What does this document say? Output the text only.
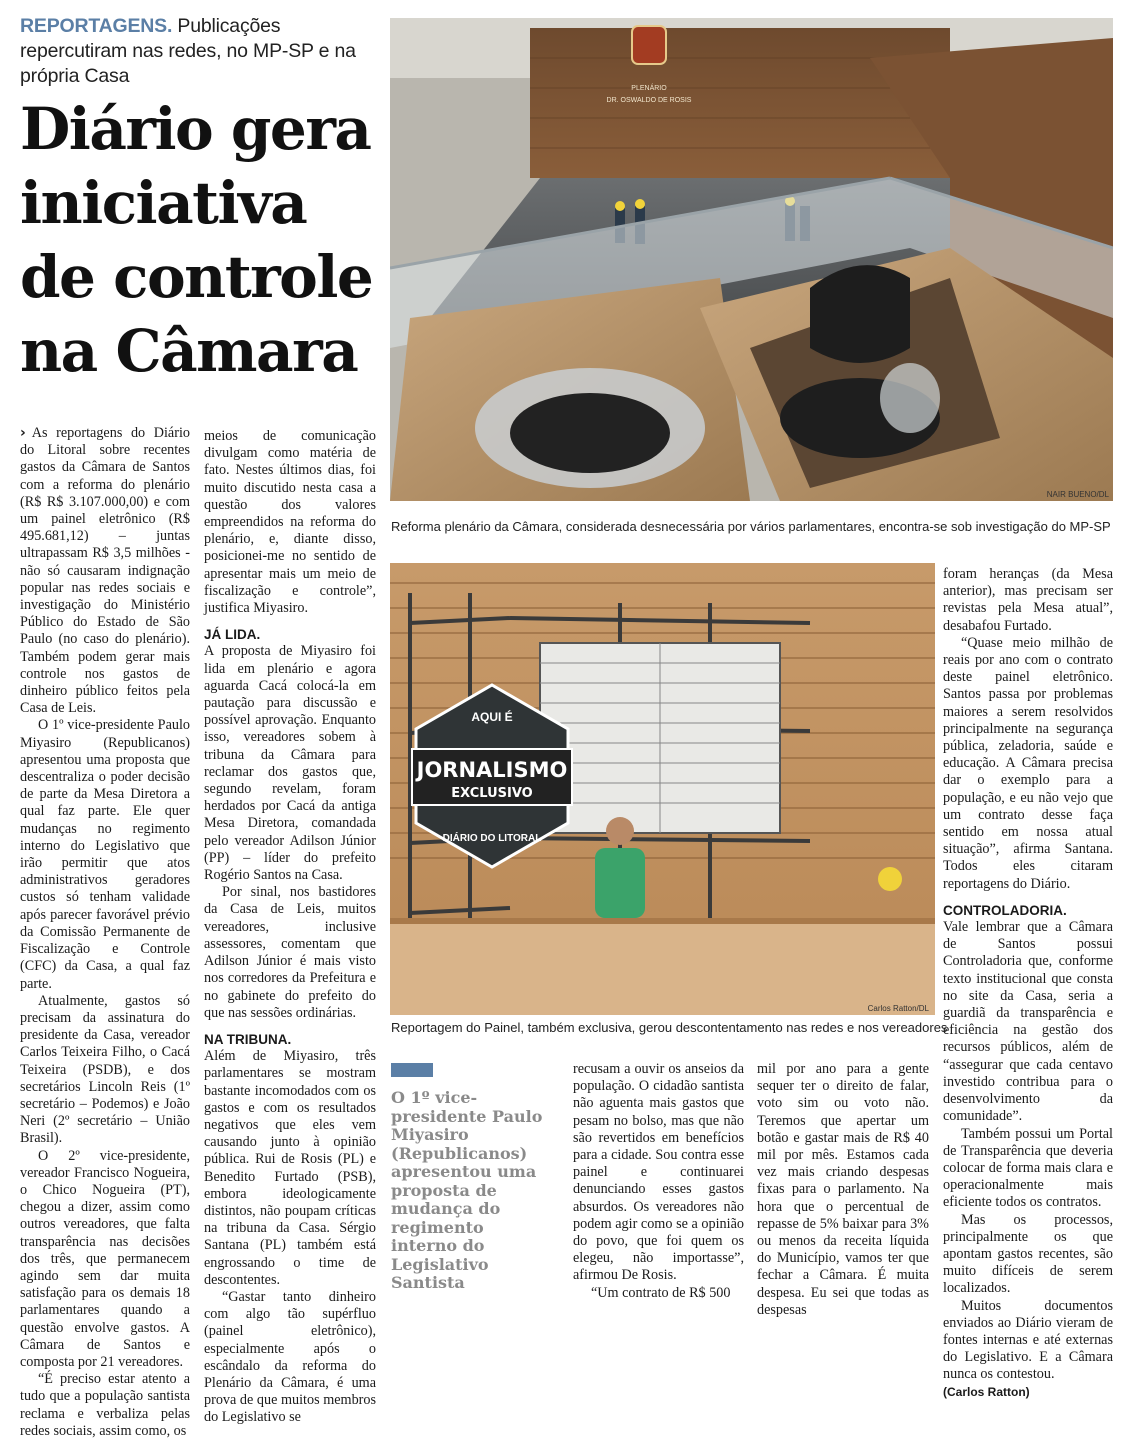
REPORTAGENS. Publicações repercutiram nas redes, no MP-SP e na própria Casa
Diário gera iniciativa de controle na Câmara
PLENÁRIO
DR. OSWALDO DE ROSIS
NAIR BUENO/DL
Reforma plenário da Câmara, considerada desnecessária por vários parlamentares, encontra-se sob investigação do MP-SP
AQUI É
JORNALISMO
EXCLUSIVO
DIÁRIO DO LITORAL
Carlos Ratton/DL
Reportagem do Painel, também exclusiva, gerou descontentamento nas redes e nos vereadores

› As reportagens do Diário do Litoral sobre recentes gastos da Câmara de Santos com a reforma do plenário (R$ R$ 3.107.000,00) e com um painel eletrônico (R$ 495.681,12) – juntas ultrapassam R$ 3,5 milhões - não só causaram indignação popular nas redes sociais e investigação do Ministério Público do Estado de São Paulo (no caso do plenário). Também podem gerar mais controle nos gastos de dinheiro público feitos pela Casa de Leis.

O 1º vice-presidente Paulo Miyasiro (Republicanos) apresentou uma proposta que descentraliza o poder decisão de parte da Mesa Diretora a qual faz parte. Ele quer mudanças no regimento interno do Legislativo que irão permitir que atos administrativos geradores custos só tenham validade após parecer favorável prévio da Comissão Permanente de Fiscalização e Controle (CFC) da Casa, a qual faz parte.

Atualmente, gastos só precisam da assinatura do presidente da Casa, vereador Carlos Teixeira Filho, o Cacá Teixeira (PSDB), e dos secretários Lincoln Reis (1º secretário – Podemos) e João Neri (2º secretário – União Brasil).

O 2º vice-presidente, vereador Francisco Nogueira, o Chico Nogueira (PT), chegou a dizer, assim como outros vereadores, que falta transparência nas decisões dos três, que permanecem agindo sem dar muita satisfação para os demais 18 parlamentares quando a questão envolve gastos. A Câmara de Santos e composta por 21 vereadores.

“É preciso estar atento a tudo que a população santista reclama e verbaliza pelas redes sociais, assim como, os

meios de comunicação divulgam como matéria de fato. Nestes últimos dias, foi muito discutido nesta casa a questão dos valores empreendidos na reforma do plenário, e, diante disso, posicionei-me no sentido de apresentar mais um meio de fiscalização e controle”, justifica Miyasiro.

JÁ LIDA.

A proposta de Miyasiro foi lida em plenário e agora aguarda Cacá colocá-la em pautação para discussão e possível aprovação. Enquanto isso, vereadores sobem à tribuna da Câmara para reclamar dos gastos que, segundo revelam, foram herdados por Cacá da antiga Mesa Diretora, comandada pelo vereador Adilson Júnior (PP) – líder do prefeito Rogério Santos na Casa.

Por sinal, nos bastidores da Casa de Leis, muitos vereadores, inclusive assessores, comentam que Adilson Júnior é mais visto nos corredores da Prefeitura e no gabinete do prefeito do que nas sessões ordinárias.

NA TRIBUNA.

Além de Miyasiro, três parlamentares se mostram bastante incomodados com os gastos e com os resultados negativos que eles vem causando junto à opinião pública. Rui de Rosis (PL) e Benedito Furtado (PSB), embora ideologicamente distintos, não poupam críticas na tribuna da Casa. Sérgio Santana (PL) também está engrossando o time de descontentes.

“Gastar tanto dinheiro com algo tão supérfluo (painel eletrônico), especialmente após o escândalo da reforma do Plenário da Câmara, é uma prova de que muitos membros do Legislativo se

O 1º vice-presidente Paulo Miyasiro (Republicanos) apresentou uma proposta de mudança do regimento interno do Legislativo Santista

recusam a ouvir os anseios da população. O cidadão santista não aguenta mais gastos que pesam no bolso, mas que não são revertidos em benefícios para a cidade. Sou contra esse painel e continuarei denunciando esses gastos absurdos. Os vereadores não podem agir como se a opinião do povo, que foi quem os elegeu, não importasse”, afirmou De Rosis.

“Um contrato de R$ 500

mil por ano para a gente sequer ter o direito de falar, voto sim ou voto não. Teremos que apertar um botão e gastar mais de R$ 40 mil por mês. Estamos cada vez mais criando despesas fixas para o parlamento. Na hora que o percentual de repasse de 5% baixar para 3% ou menos da receita líquida do Município, vamos ter que fechar a Câmara. É muita despesa. Eu sei que todas as despesas

foram heranças (da Mesa anterior), mas precisam ser revistas pela Mesa atual”, desabafou Furtado.

“Quase meio milhão de reais por ano com o contrato deste painel eletrônico. Santos passa por problemas maiores a serem resolvidos principalmente na segurança pública, zeladoria, saúde e educação. A Câmara precisa dar o exemplo para a população, e eu não vejo que um contrato desse faça sentido em nossa atual situação”, afirma Santana. Todos eles citaram reportagens do Diário.

CONTROLADORIA.

Vale lembrar que a Câmara de Santos possui Controladoria que, conforme texto institucional que consta no site da Casa, seria a guardiã da transparência e eficiência na gestão dos recursos públicos, além de “assegurar que cada centavo investido contribua para o desenvolvimento da comunidade”.

Também possui um Portal de Transparência que deveria colocar de forma mais clara e operacionalmente mais eficiente todos os contratos.

Mas os processos, principalmente os que apontam gastos recentes, são muito difíceis de serem localizados.

Muitos documentos enviados ao Diário vieram de fontes internas e até externas do Legislativo. E a Câmara nunca os contestou.

(Carlos Ratton)
